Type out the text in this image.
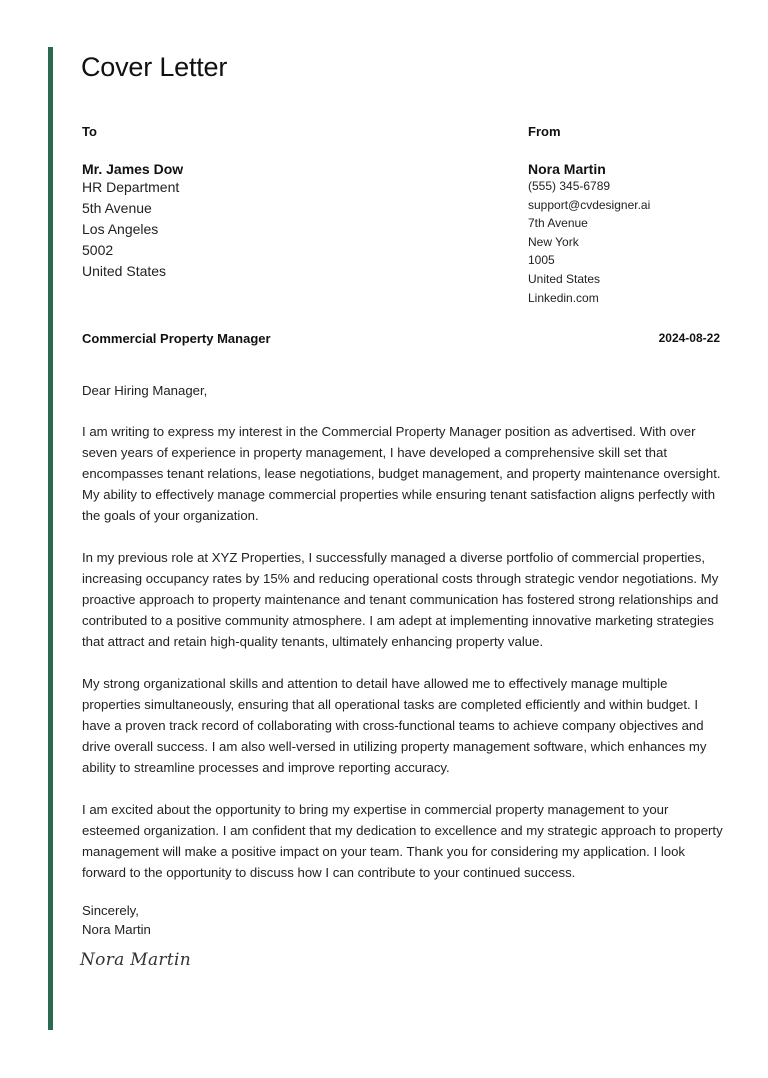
Cover Letter
To
Mr. James Dow
HR Department
5th Avenue
Los Angeles
5002
United States
From
Nora Martin
(555) 345-6789
support@cvdesigner.ai
7th Avenue
New York
1005
United States
Linkedin.com
Commercial Property Manager	2024-08-22

Dear Hiring Manager,

I am writing to express my interest in the Commercial Property Manager position as advertised. With over seven years of experience in property management, I have developed a comprehensive skill set that encompasses tenant relations, lease negotiations, budget management, and property maintenance oversight. My ability to effectively manage commercial properties while ensuring tenant satisfaction aligns perfectly with the goals of your organization.

In my previous role at XYZ Properties, I successfully managed a diverse portfolio of commercial properties, increasing occupancy rates by 15% and reducing operational costs through strategic vendor negotiations. My proactive approach to property maintenance and tenant communication has fostered strong relationships and contributed to a positive community atmosphere. I am adept at implementing innovative marketing strategies that attract and retain high-quality tenants, ultimately enhancing property value.

My strong organizational skills and attention to detail have allowed me to effectively manage multiple properties simultaneously, ensuring that all operational tasks are completed efficiently and within budget. I have a proven track record of collaborating with cross-functional teams to achieve company objectives and drive overall success. I am also well-versed in utilizing property management software, which enhances my ability to streamline processes and improve reporting accuracy.

I am excited about the opportunity to bring my expertise in commercial property management to your esteemed organization. I am confident that my dedication to excellence and my strategic approach to property management will make a positive impact on your team. Thank you for considering my application. I look forward to the opportunity to discuss how I can contribute to your continued success.

Sincerely,
Nora Martin
Nora Martin
